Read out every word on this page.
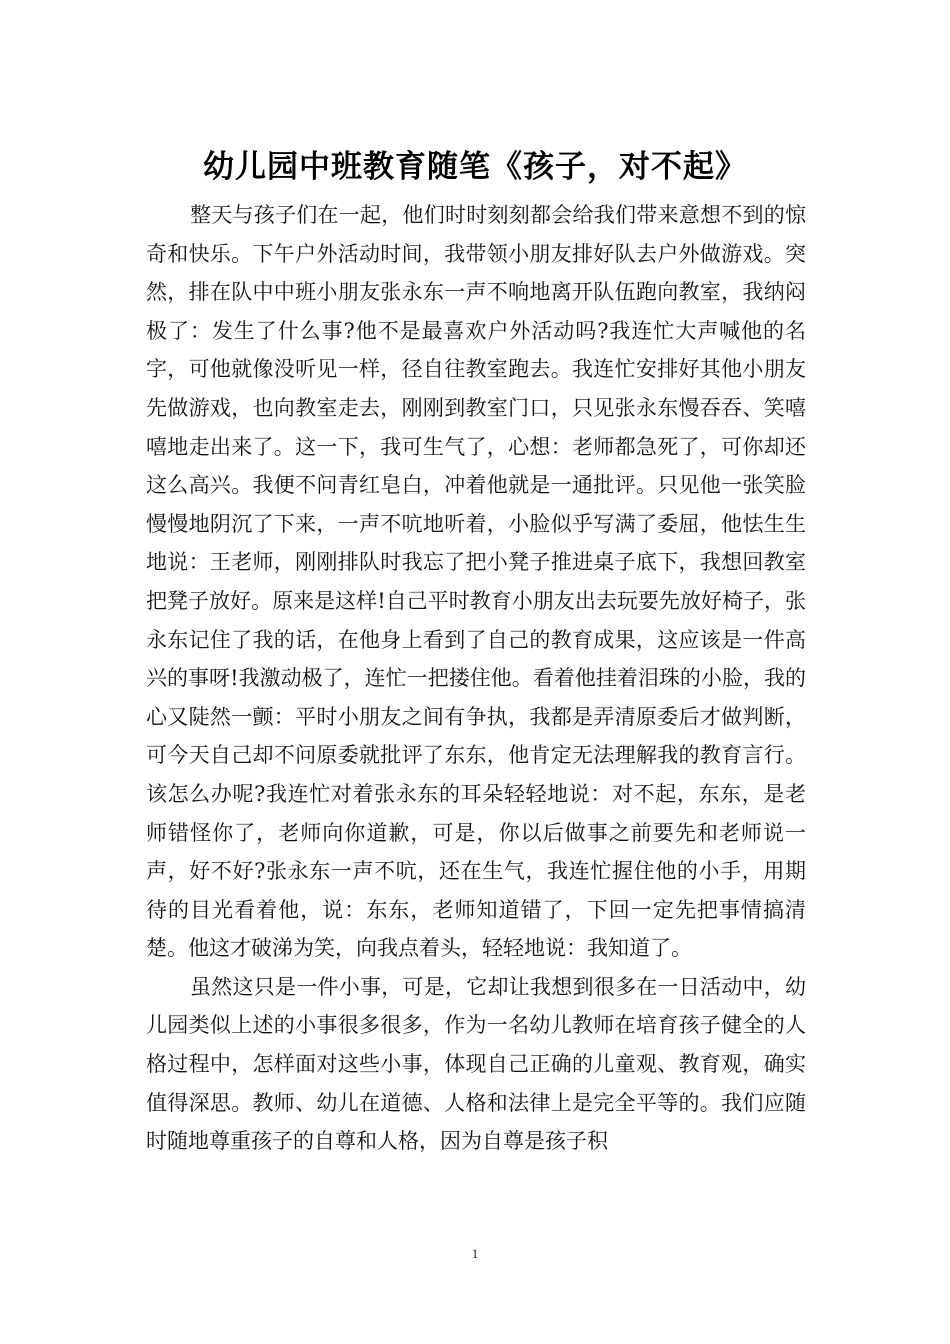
幼儿园中班教育随笔《孩子，对不起》

整天与孩子们在一起，他们时时刻刻都会给我们带来意想不到的惊奇和快乐。下午户外活动时间，我带领小朋友排好队去户外做游戏。突然，排在队中中班小朋友张永东一声不响地离开队伍跑向教室，我纳闷极了：发生了什么事?他不是最喜欢户外活动吗?我连忙大声喊他的名字，可他就像没听见一样，径自往教室跑去。我连忙安排好其他小朋友先做游戏，也向教室走去，刚刚到教室门口，只见张永东慢吞吞、笑嘻嘻地走出来了。这一下，我可生气了，心想：老师都急死了，可你却还这么高兴。我便不问青红皂白，冲着他就是一通批评。只见他一张笑脸慢慢地阴沉了下来，一声不吭地听着，小脸似乎写满了委屈，他怯生生地说：王老师，刚刚排队时我忘了把小凳子推进桌子底下，我想回教室把凳子放好。原来是这样!自己平时教育小朋友出去玩要先放好椅子，张永东记住了我的话，在他身上看到了自己的教育成果，这应该是一件高兴的事呀!我激动极了，连忙一把搂住他。看着他挂着泪珠的小脸，我的心又陡然一颤：平时小朋友之间有争执，我都是弄清原委后才做判断，可今天自己却不问原委就批评了东东，他肯定无法理解我的教育言行。该怎么办呢?我连忙对着张永东的耳朵轻轻地说：对不起，东东，是老师错怪你了，老师向你道歉，可是，你以后做事之前要先和老师说一声，好不好?张永东一声不吭，还在生气，我连忙握住他的小手，用期待的目光看着他，说：东东，老师知道错了，下回一定先把事情搞清楚。他这才破涕为笑，向我点着头，轻轻地说：我知道了。

虽然这只是一件小事，可是，它却让我想到很多在一日活动中，幼儿园类似上述的小事很多很多，作为一名幼儿教师在培育孩子健全的人格过程中，怎样面对这些小事，体现自己正确的儿童观、教育观，确实值得深思。教师、幼儿在道德、人格和法律上是完全平等的。我们应随时随地尊重孩子的自尊和人格，因为自尊是孩子积

1
